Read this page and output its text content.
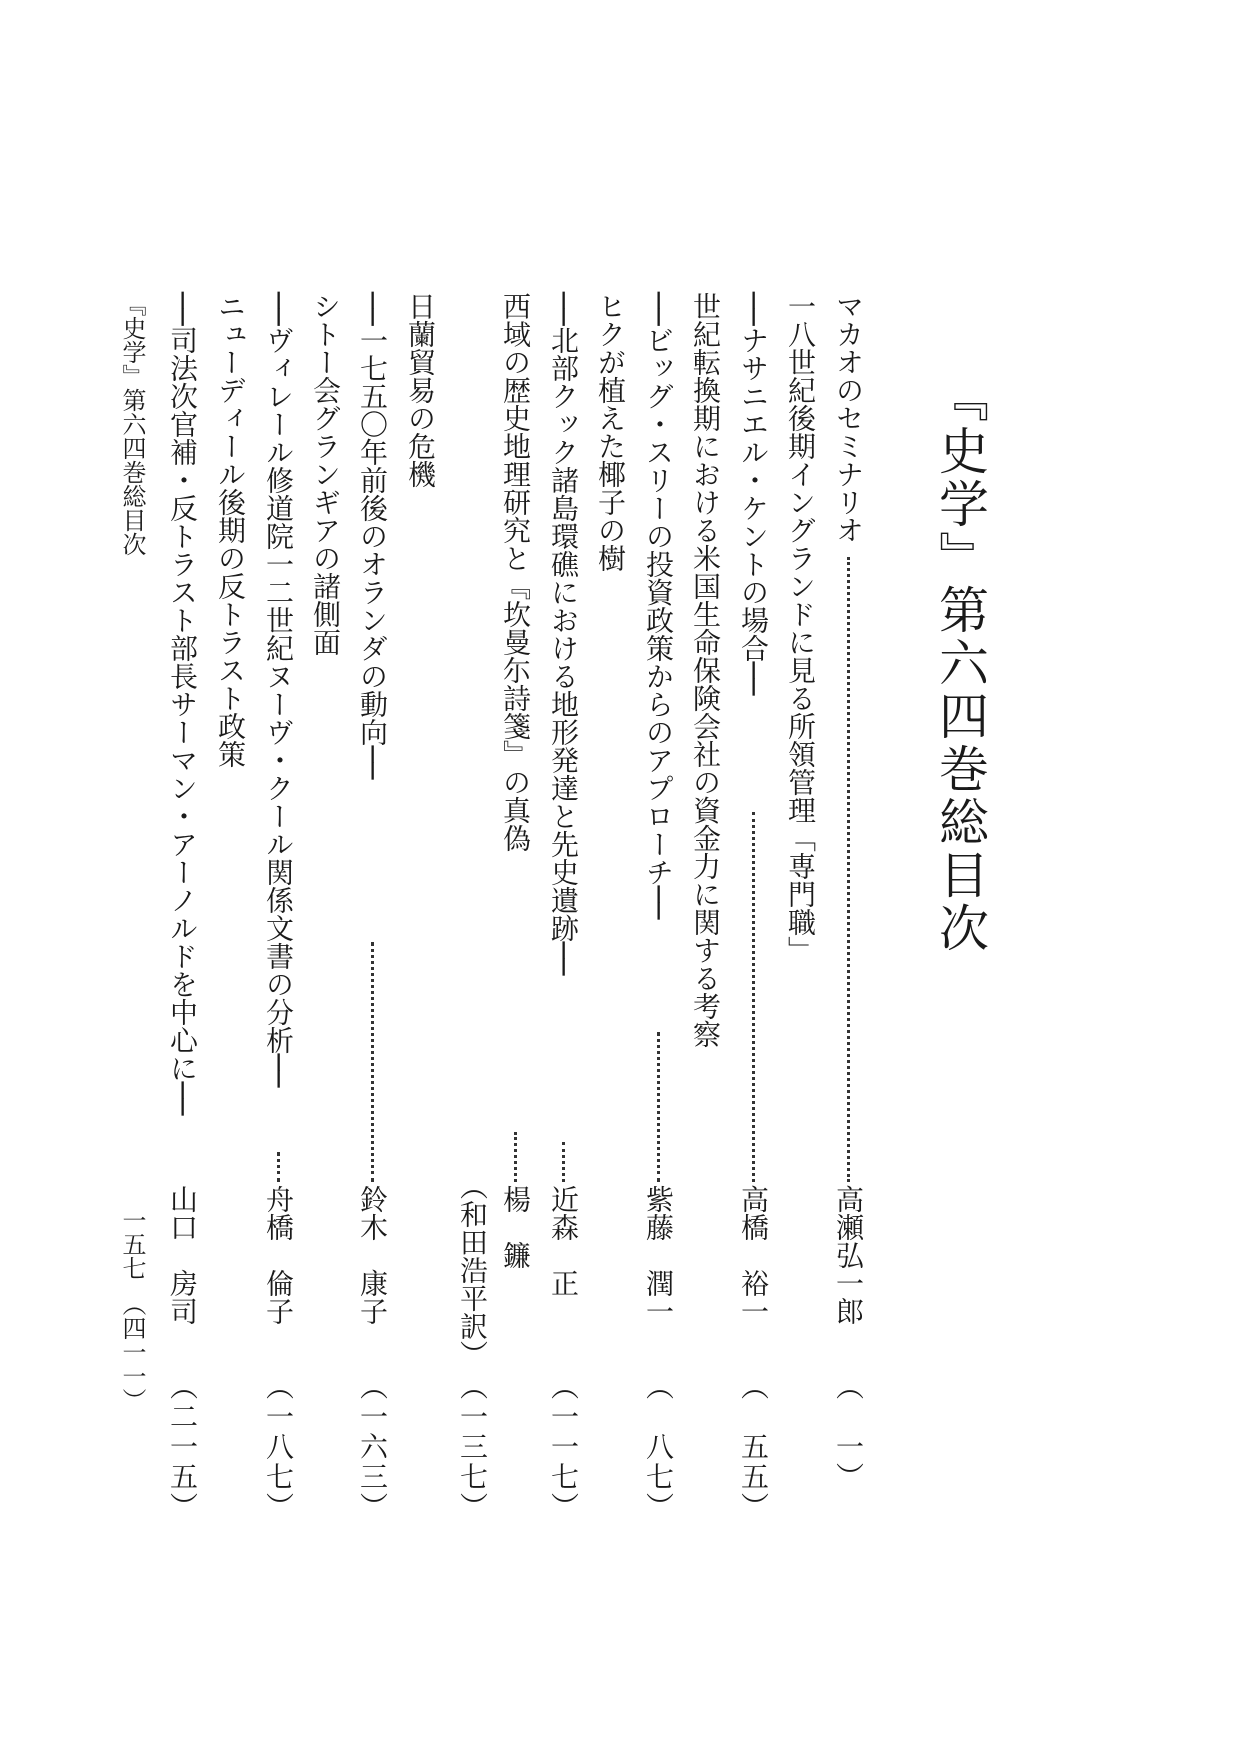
『史学』第六四巻総目次
マカオのセミナリオ
高瀬弘一郎
（　一）
一八世紀後期イングランドに見る所領管理「専門職」
──ナサニエル・ケントの場合──
高橋　裕一
（　五五）
世紀転換期における米国生命保険会社の資金力に関する考察
──ビッグ・スリーの投資政策からのアプローチ──
紫藤　潤一
（　八七）
ヒクが植えた椰子の樹
──北部クック諸島環礁における地形発達と先史遺跡──
近森　正
（一一七）
西域の歴史地理研究と『坎曼尓詩箋』の真偽
楊　鐮
（和田浩平訳）
（一三七）
日蘭貿易の危機
──一七五〇年前後のオランダの動向──
鈴木　康子
（一六三）
シトー会グランギアの諸側面
──ヴィレール修道院一二世紀ヌーヴ・クール関係文書の分析──
舟橋　倫子
（一八七）
ニューディール後期の反トラスト政策
──司法次官補・反トラスト部長サーマン・アーノルドを中心に──
山口　房司
（二一五）
『史学』第六四巻総目次
一五七　（四一一）
